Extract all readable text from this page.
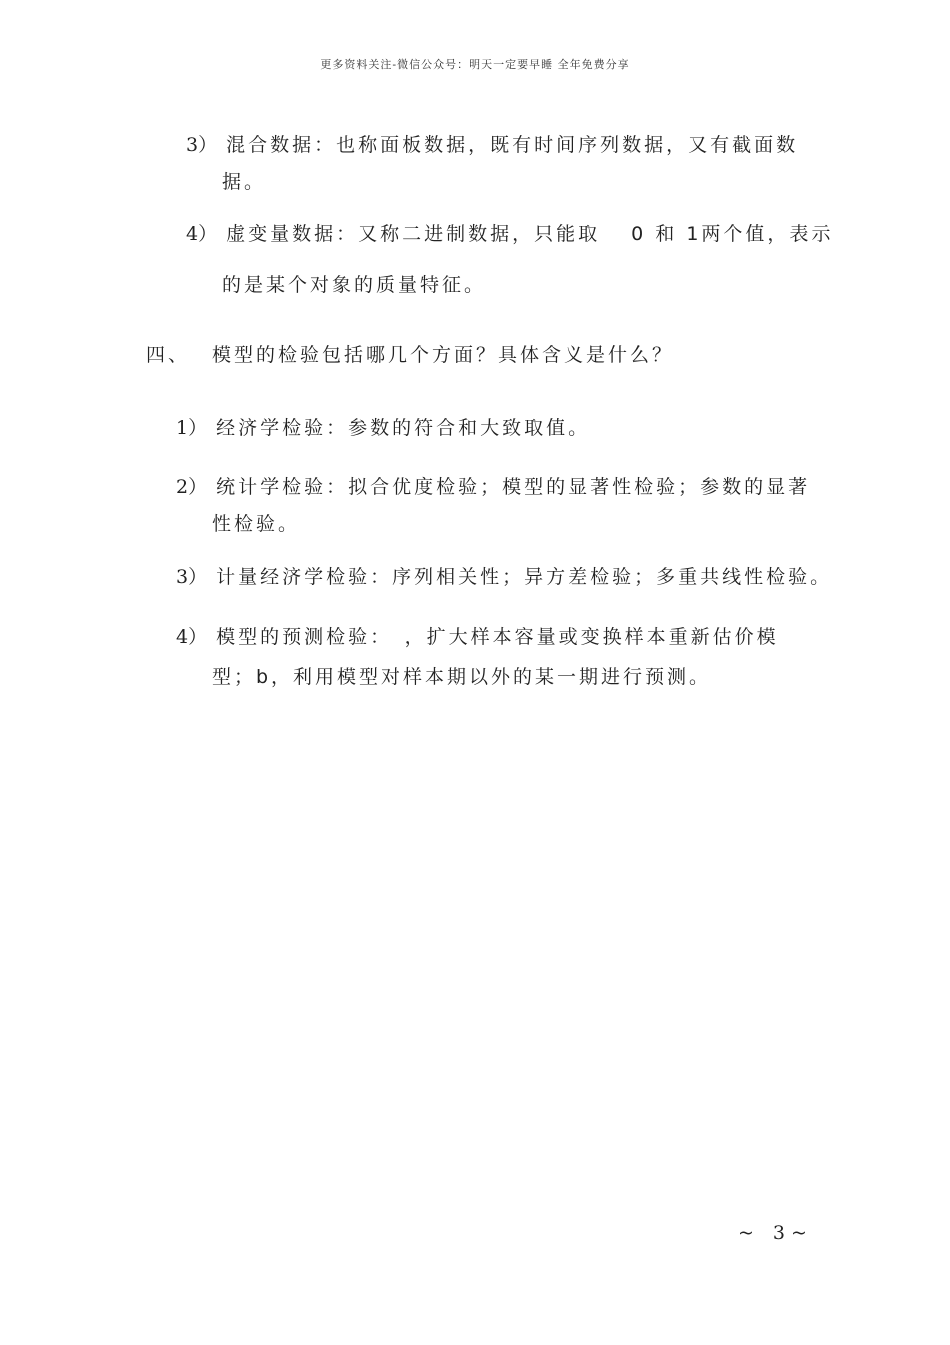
更多资料关注-微信公众号：明天一定要早睡 全年免费分享
3） 混合数据：也称面板数据，既有时间序列数据，又有截面数
据。
4） 虚变量数据：又称二进制数据，只能取　 0 和 1两个值，表示
的是某个对象的质量特征。
四、 模型的检验包括哪几个方面？具体含义是什么？
1） 经济学检验：参数的符合和大致取值。
2） 统计学检验：拟合优度检验；模型的显著性检验；参数的显著
性检验。
3） 计量经济学检验：序列相关性；异方差检验；多重共线性检验。
4） 模型的预测检验：　，扩大样本容量或变换样本重新估价模
型；b，利用模型对样本期以外的某一期进行预测。
~　3 ~
